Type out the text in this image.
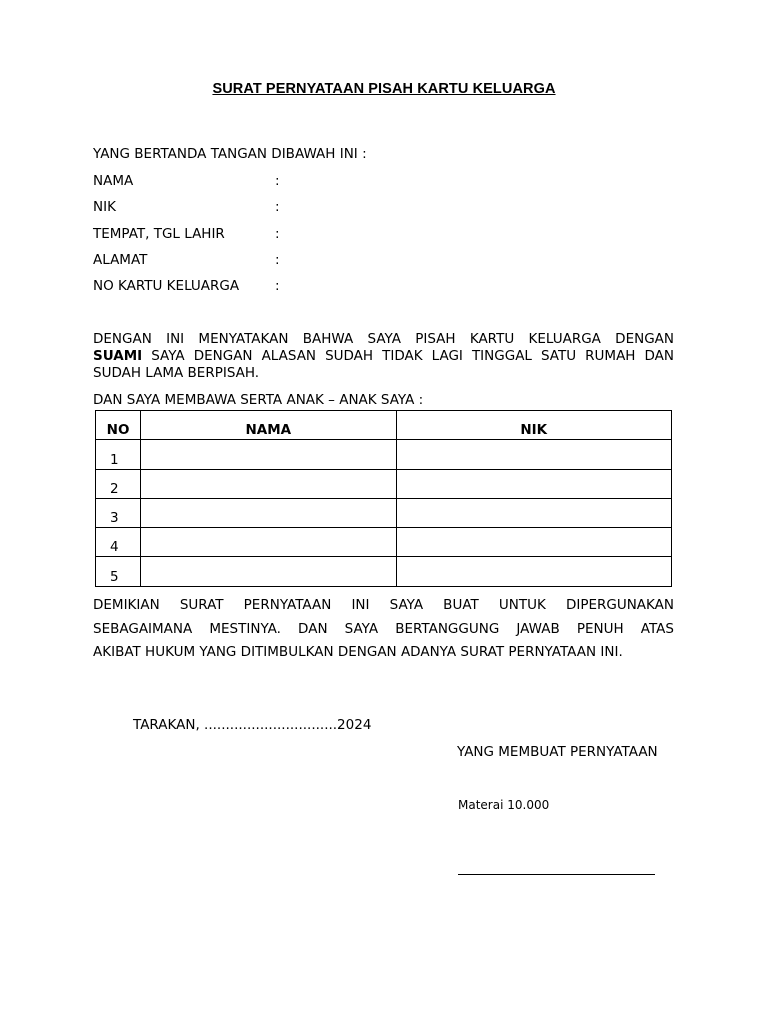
SURAT PERNYATAAN PISAH KARTU KELUARGA
YANG BERTANDA TANGAN DIBAWAH INI :
NAMA	:
NIK	:
TEMPAT, TGL LAHIR	:
ALAMAT	:
NO KARTU KELUARGA	:
DENGAN INI MENYATAKAN BAHWA SAYA PISAH KARTU KELUARGA DENGAN
SUAMI SAYA DENGAN ALASAN SUDAH TIDAK LAGI TINGGAL SATU RUMAH DAN
SUDAH LAMA BERPISAH.
DAN SAYA MEMBAWA SERTA ANAK – ANAK SAYA :
NO	NAMA	NIK
1		
2		
3		
4		
5		
DEMIKIAN SURAT PERNYATAAN INI SAYA BUAT UNTUK DIPERGUNAKAN
SEBAGAIMANA MESTINYA. DAN SAYA BERTANGGUNG JAWAB PENUH ATAS
AKIBAT HUKUM YANG DITIMBULKAN DENGAN ADANYA SURAT PERNYATAAN INI.
TARAKAN, ...............................2024
YANG MEMBUAT PERNYATAAN
Materai 10.000
